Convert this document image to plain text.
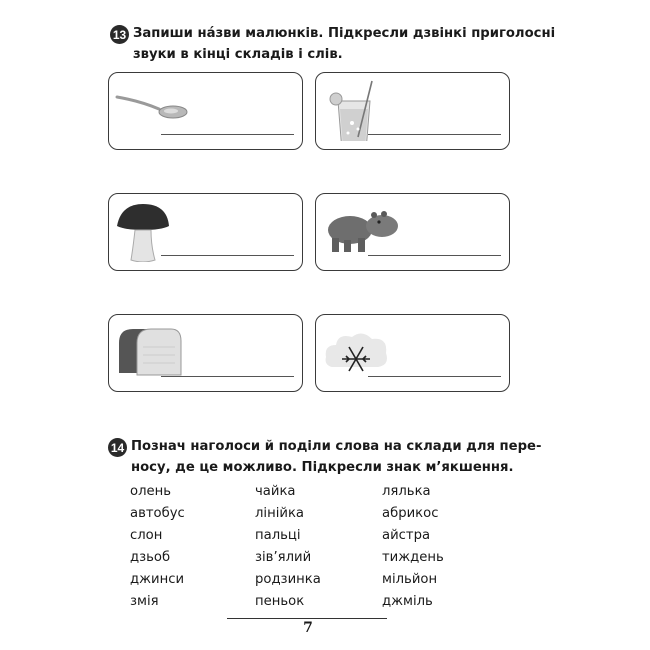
13 Запиши на́зви малюнків. Підкресли дзвінкі приголосні
звуки в кінці складів і слів.
14 Познач наголоси й поділи слова на склади для пере-
носу, де це можливо. Підкресли знак м’якшення.
олень
автобус
слон
дзьоб
джинси
змія
чайка
лінійка
пальці
зів’ялий
родзинка
пеньок
лялька
абрикос
айстра
тиждень
мільйон
джміль
7
